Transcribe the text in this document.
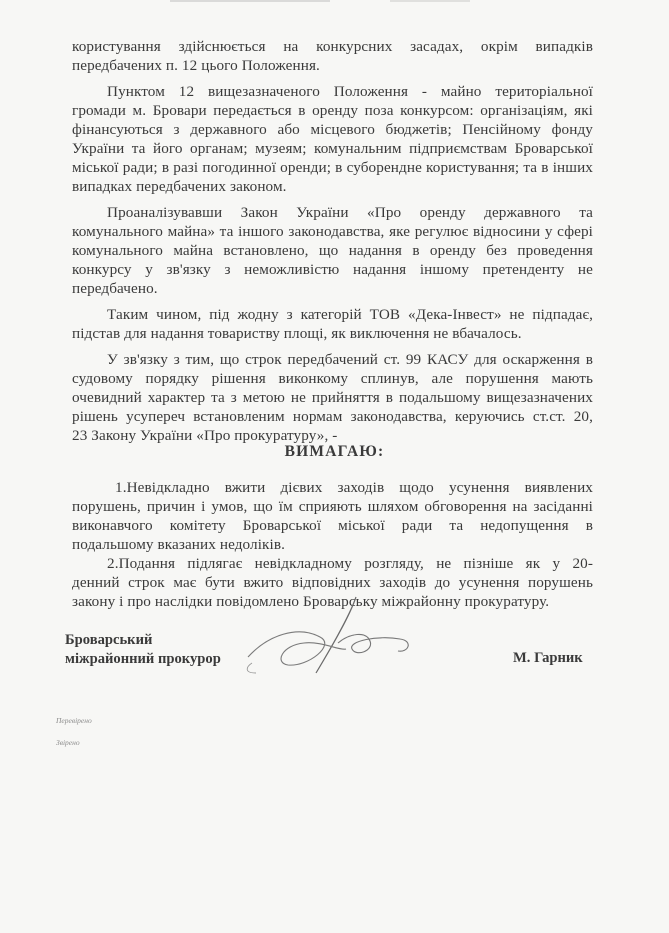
користування здійснюється на конкурсних засадах, окрім випадків
передбачених п. 12 цього Положення.
Пунктом 12 вищезазначеного Положення - майно територіальної
громади м. Бровари передається в оренду поза конкурсом: організаціям, які
фінансуються з державного або місцевого бюджетів; Пенсійному фонду
України та його органам; музеям; комунальним підприємствам Броварської
міської ради; в разі погодинної оренди; в суборендне користування; та в інших
випадках передбачених законом.
Проаналізувавши Закон України «Про оренду державного та
комунального майна» та іншого законодавства, яке регулює відносини у сфері
комунального майна встановлено, що надання в оренду без проведення
конкурсу у зв'язку з неможливістю надання іншому претенденту не
передбачено.
Таким чином, під жодну з категорій ТОВ «Дека-Інвест» не підпадає,
підстав для надання товариству площі, як виключення не вбачалось.
У зв'язку з тим, що строк передбачений ст. 99 КАСУ для оскарження в
судовому порядку рішення виконкому сплинув, але порушення мають
очевидний характер та з метою не прийняття в подальшому вищезазначених
рішень усупереч встановленим нормам законодавства, керуючись ст.ст. 20,
23 Закону України «Про прокуратуру», -
ВИМАГАЮ:
1.Невідкладно вжити дієвих заходів щодо усунення виявлених
порушень, причин і умов, що їм сприяють шляхом обговорення на засіданні
виконавчого комітету Броварської міської ради та недопущення в
подальшому вказаних недоліків.
2.Подання підлягає невідкладному розгляду, не пізніше як у 20-
денний строк має бути вжито відповідних заходів до усунення порушень
закону і про наслідки повідомлено Броварську міжрайонну прокуратуру.
Броварський
міжрайонний прокурор	М. Гарник
Перевірено
Звірено
